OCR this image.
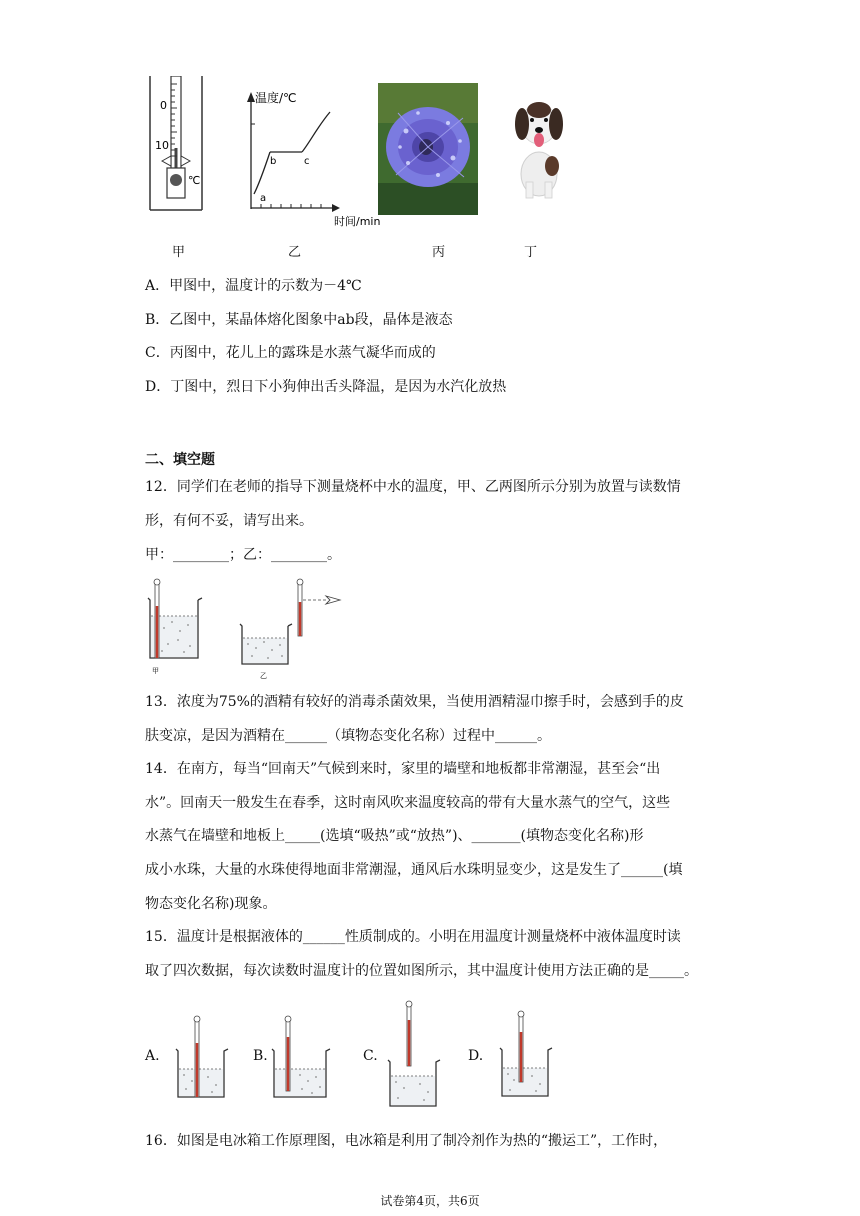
0
10
℃
温度/℃
时间/min
a
b	c
甲	乙	丙	丁
A．甲图中，温度计的示数为－4℃
B．乙图中，某晶体熔化图象中ab段，晶体是液态
C．丙图中，花儿上的露珠是水蒸气凝华而成的
D．丁图中，烈日下小狗伸出舌头降温，是因为水汽化放热
二、填空题
12．同学们在老师的指导下测量烧杯中水的温度，甲、乙两图所示分别为放置与读数情
形，有何不妥，请写出来。
甲：________；乙：________。
甲
乙
13．浓度为75%的酒精有较好的消毒杀菌效果，当使用酒精湿巾擦手时，会感到手的皮
肤变凉，是因为酒精在______（填物态变化名称）过程中______。
14．在南方，每当“回南天”气候到来时，家里的墙壁和地板都非常潮湿，甚至会“出
水”。回南天一般发生在春季，这时南风吹来温度较高的带有大量水蒸气的空气，这些
水蒸气在墙壁和地板上_____(选填“吸热”或“放热”)、_______(填物态变化名称)形
成小水珠，大量的水珠使得地面非常潮湿，通风后水珠明显变少，这是发生了______(填
物态变化名称)现象。
15．温度计是根据液体的______性质制成的。小明在用温度计测量烧杯中液体温度时读
取了四次数据，每次读数时温度计的位置如图所示，其中温度计使用方法正确的是_____。
A.	B.	C.	D.
16．如图是电冰箱工作原理图，电冰箱是利用了制冷剂作为热的“搬运工”，工作时，
试卷第4页，共6页
